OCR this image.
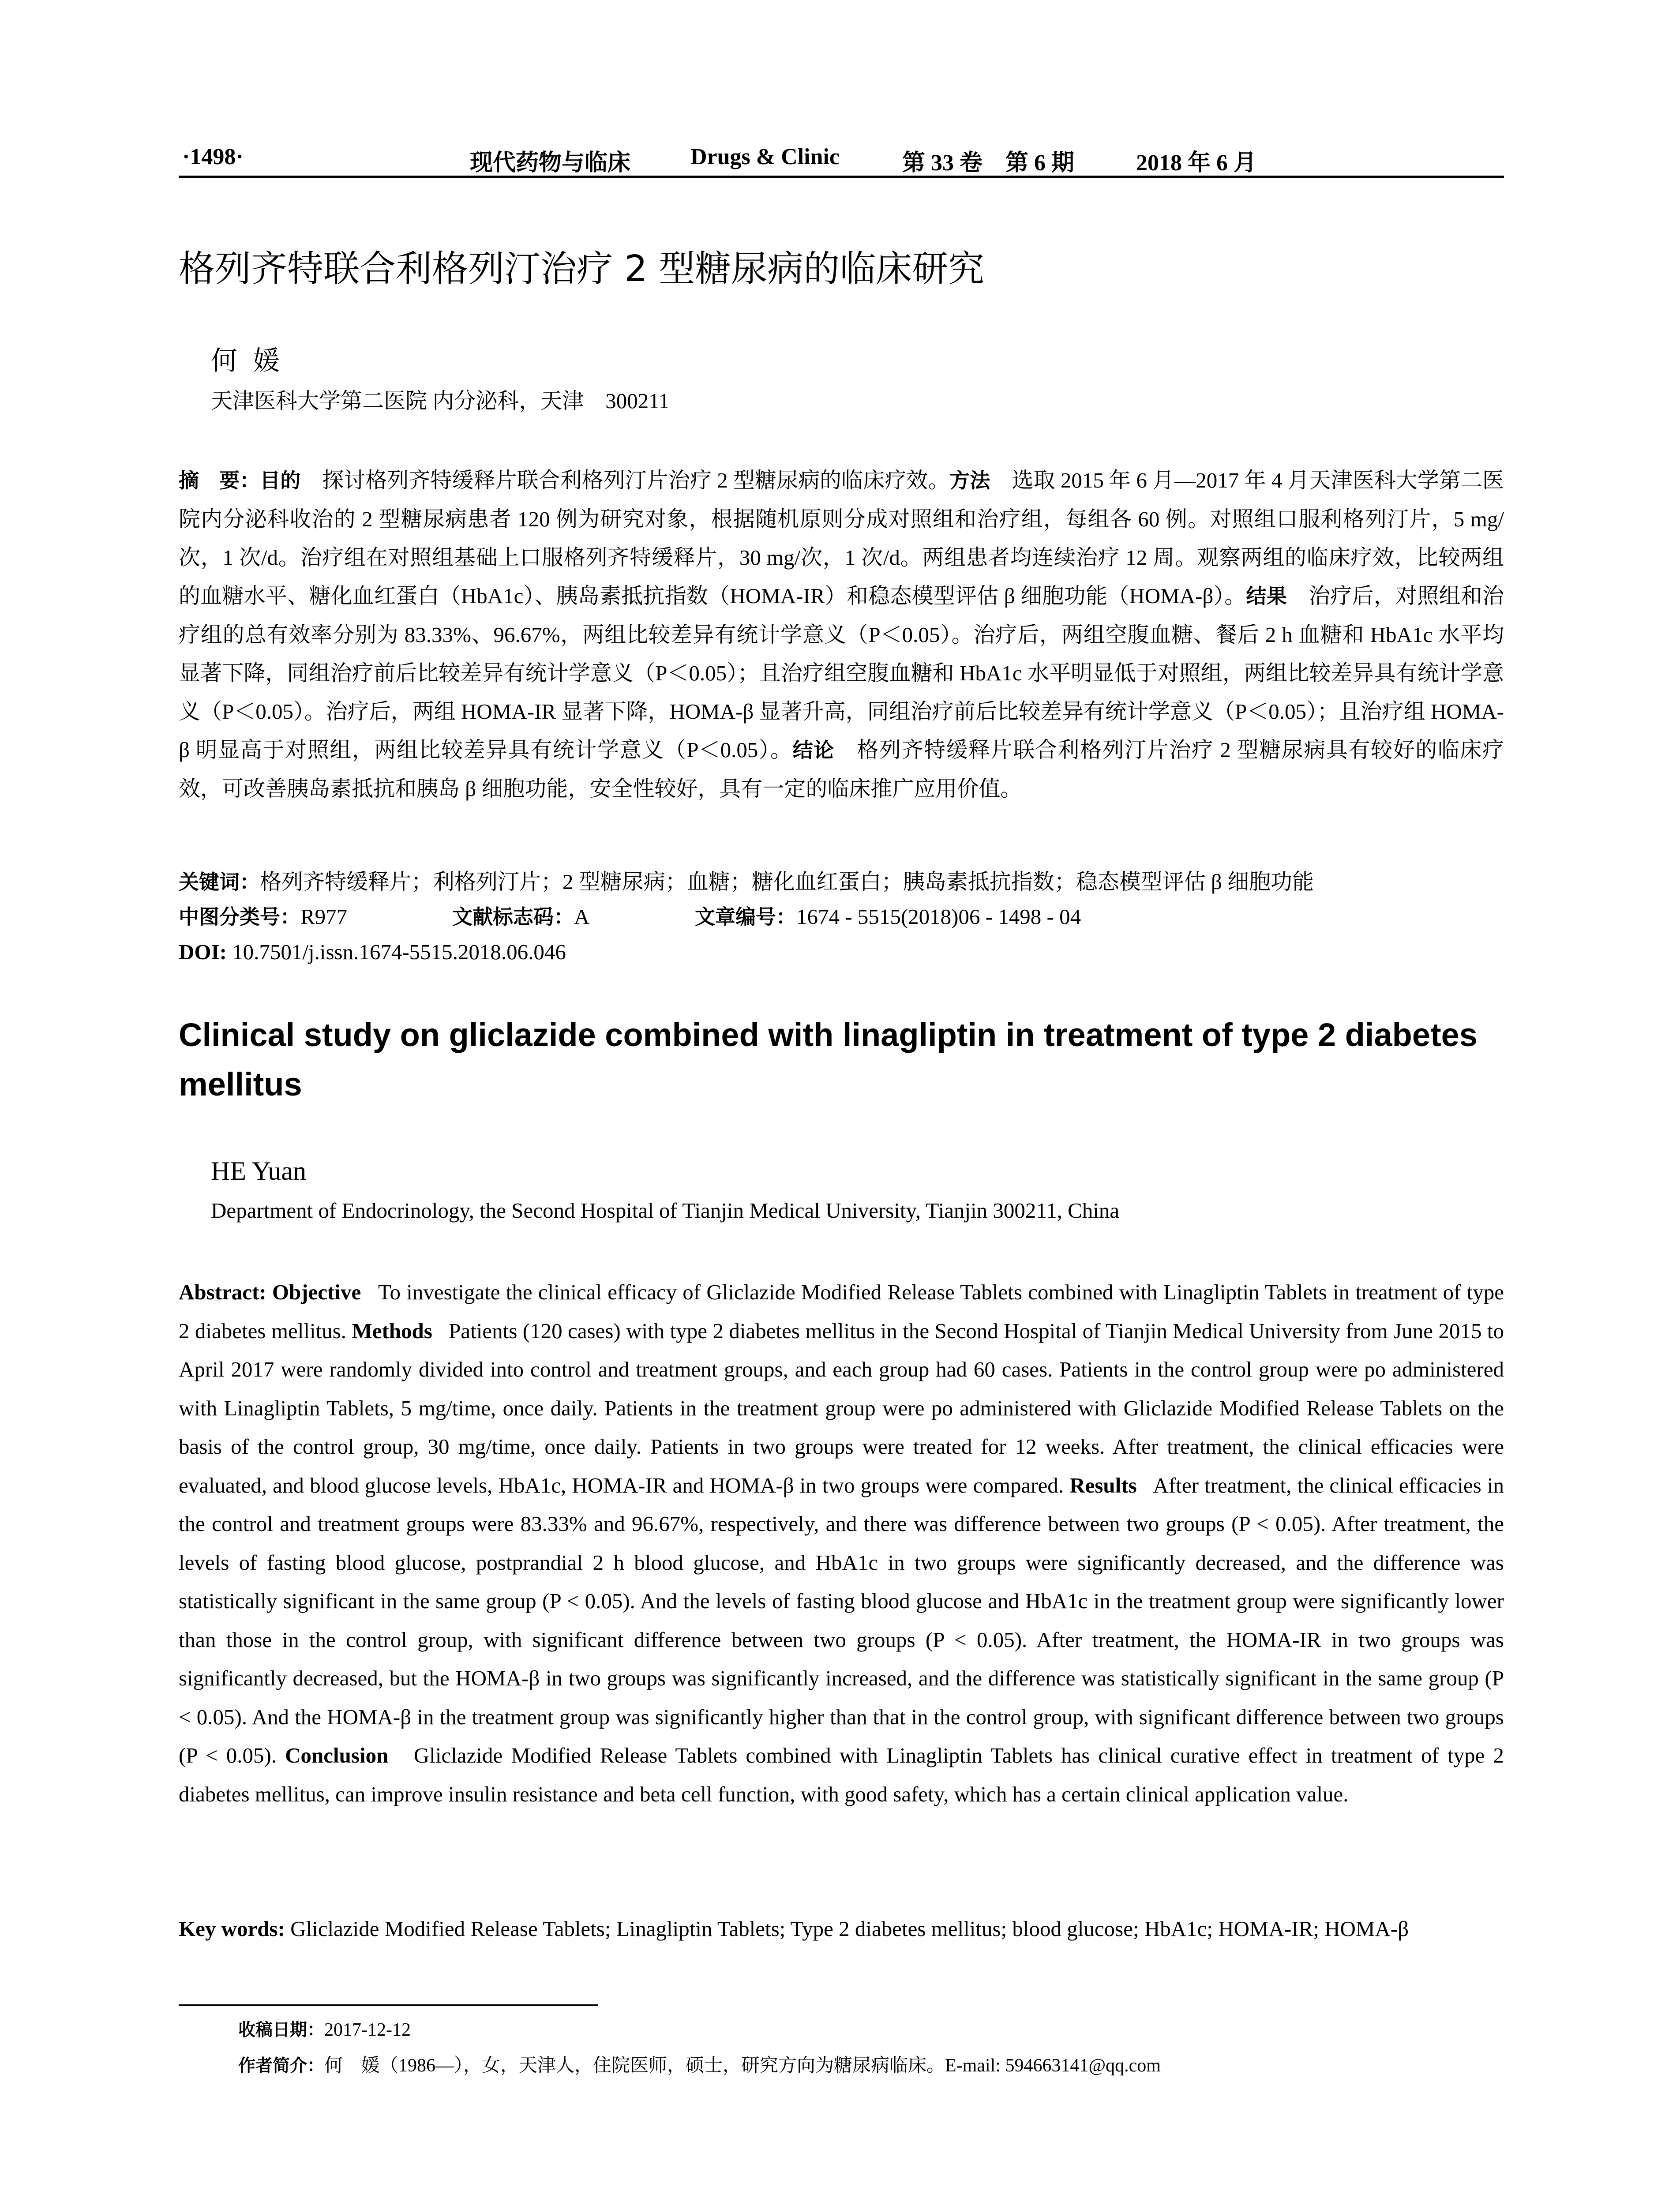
·1498·	现代药物与临床	Drugs & Clinic	第 33 卷　第 6 期	2018 年 6 月
格列齐特联合利格列汀治疗 2 型糖尿病的临床研究
何媛
天津医科大学第二医院 内分泌科，天津　300211
摘　要：目的　 探讨格列齐特缓释片联合利格列汀片治疗 2 型糖尿病的临床疗效。方法　 选取 2015 年 6 月—2017 年 4 月天津医科大学第二医院内分泌科收治的 2 型糖尿病患者 120 例为研究对象，根据随机原则分成对照组和治疗组，每组各 60 例。对照组口服利格列汀片，5 mg/次，1 次/d。治疗组在对照组基础上口服格列齐特缓释片，30 mg/次，1 次/d。两组患者均连续治疗 12 周。观察两组的临床疗效，比较两组的血糖水平、糖化血红蛋白（HbA1c）、胰岛素抵抗指数（HOMA-IR）和稳态模型评估 β 细胞功能（HOMA-β）。结果　 治疗后，对照组和治疗组的总有效率分别为 83.33%、96.67%，两组比较差异有统计学意义（P＜0.05）。治疗后，两组空腹血糖、餐后 2 h 血糖和 HbA1c 水平均显著下降，同组治疗前后比较差异有统计学意义（P＜0.05）；且治疗组空腹血糖和 HbA1c 水平明显低于对照组，两组比较差异具有统计学意义（P＜0.05）。治疗后，两组 HOMA-IR 显著下降，HOMA-β 显著升高，同组治疗前后比较差异有统计学意义（P＜0.05）；且治疗组 HOMA-β 明显高于对照组，两组比较差异具有统计学意义（P＜0.05）。结论　 格列齐特缓释片联合利格列汀片治疗 2 型糖尿病具有较好的临床疗效，可改善胰岛素抵抗和胰岛 β 细胞功能，安全性较好，具有一定的临床推广应用价值。
关键词：格列齐特缓释片；利格列汀片；2 型糖尿病；血糖；糖化血红蛋白；胰岛素抵抗指数；稳态模型评估 β 细胞功能
中图分类号：R977	文献标志码：A	文章编号：1674 - 5515(2018)06 - 1498 - 04
DOI: 10.7501/j.issn.1674-5515.2018.06.046
Clinical study on gliclazide combined with linagliptin in treatment of type 2 diabetes mellitus
HE Yuan
Department of Endocrinology, the Second Hospital of Tianjin Medical University, Tianjin 300211, China
Abstract: Objective To investigate the clinical efficacy of Gliclazide Modified Release Tablets combined with Linagliptin Tablets in treatment of type 2 diabetes mellitus. Methods Patients (120 cases) with type 2 diabetes mellitus in the Second Hospital of Tianjin Medical University from June 2015 to April 2017 were randomly divided into control and treatment groups, and each group had 60 cases. Patients in the control group were po administered with Linagliptin Tablets, 5 mg/time, once daily. Patients in the treatment group were po administered with Gliclazide Modified Release Tablets on the basis of the control group, 30 mg/time, once daily. Patients in two groups were treated for 12 weeks. After treatment, the clinical efficacies were evaluated, and blood glucose levels, HbA1c, HOMA-IR and HOMA-β in two groups were compared. Results After treatment, the clinical efficacies in the control and treatment groups were 83.33% and 96.67%, respectively, and there was difference between two groups (P < 0.05). After treatment, the levels of fasting blood glucose, postprandial 2 h blood glucose, and HbA1c in two groups were significantly decreased, and the difference was statistically significant in the same group (P < 0.05). And the levels of fasting blood glucose and HbA1c in the treatment group were significantly lower than those in the control group, with significant difference between two groups (P < 0.05). After treatment, the HOMA-IR in two groups was significantly decreased, but the HOMA-β in two groups was significantly increased, and the difference was statistically significant in the same group (P < 0.05). And the HOMA-β in the treatment group was significantly higher than that in the control group, with significant difference between two groups (P < 0.05). Conclusion Gliclazide Modified Release Tablets combined with Linagliptin Tablets has clinical curative effect in treatment of type 2 diabetes mellitus, can improve insulin resistance and beta cell function, with good safety, which has a certain clinical application value.
Key words: Gliclazide Modified Release Tablets; Linagliptin Tablets; Type 2 diabetes mellitus; blood glucose; HbA1c; HOMA-IR; HOMA-β
收稿日期：2017-12-12
作者简介：何　媛（1986—），女，天津人，住院医师，硕士，研究方向为糖尿病临床。E-mail: 594663141@qq.com
